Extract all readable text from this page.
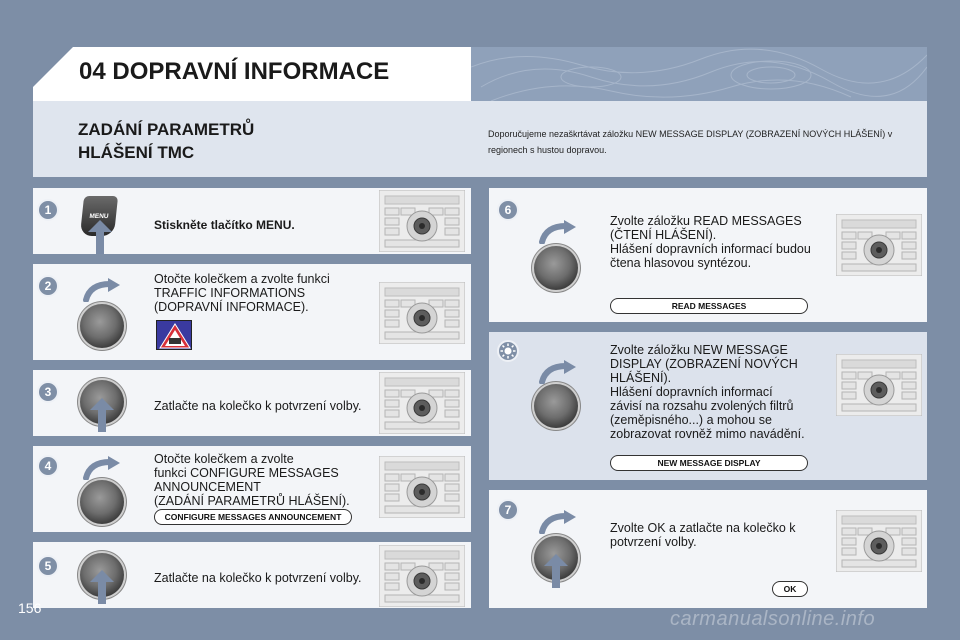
04 DOPRAVNÍ INFORMACE
ZADÁNÍ PARAMETRŮ
HLÁŠENÍ TMC
Doporučujeme nezaškrtávat záložku NEW MESSAGE DISPLAY (ZOBRAZENÍ NOVÝCH HLÁŠENÍ) v regionech s hustou dopravou.
1	MENU
Stiskněte tlačítko MENU.
2	Otočte kolečkem a zvolte funkci
TRAFFIC INFORMATIONS
(DOPRAVNÍ INFORMACE).
3
Zatlačte na kolečko k potvrzení volby.
4	Otočte kolečkem a zvolte
funkci CONFIGURE MESSAGES
ANNOUNCEMENT
(ZADÁNÍ PARAMETRŮ HLÁŠENÍ).
CONFIGURE MESSAGES ANNOUNCEMENT
5
Zatlačte na kolečko k potvrzení volby.
6
Zvolte záložku READ MESSAGES
(ČTENÍ HLÁŠENÍ).
Hlášení dopravních informací budou
čtena hlasovou syntézou.
READ MESSAGES
Zvolte záložku NEW MESSAGE
DISPLAY (ZOBRAZENÍ NOVÝCH
HLÁŠENÍ).
Hlášení dopravních informací
závisí na rozsahu zvolených filtrů
(zeměpisného...) a mohou se
zobrazovat rovněž mimo navádění.
NEW MESSAGE DISPLAY
7
Zvolte OK a zatlačte na kolečko k
potvrzení volby.
OK
156	carmanualsonline.info
